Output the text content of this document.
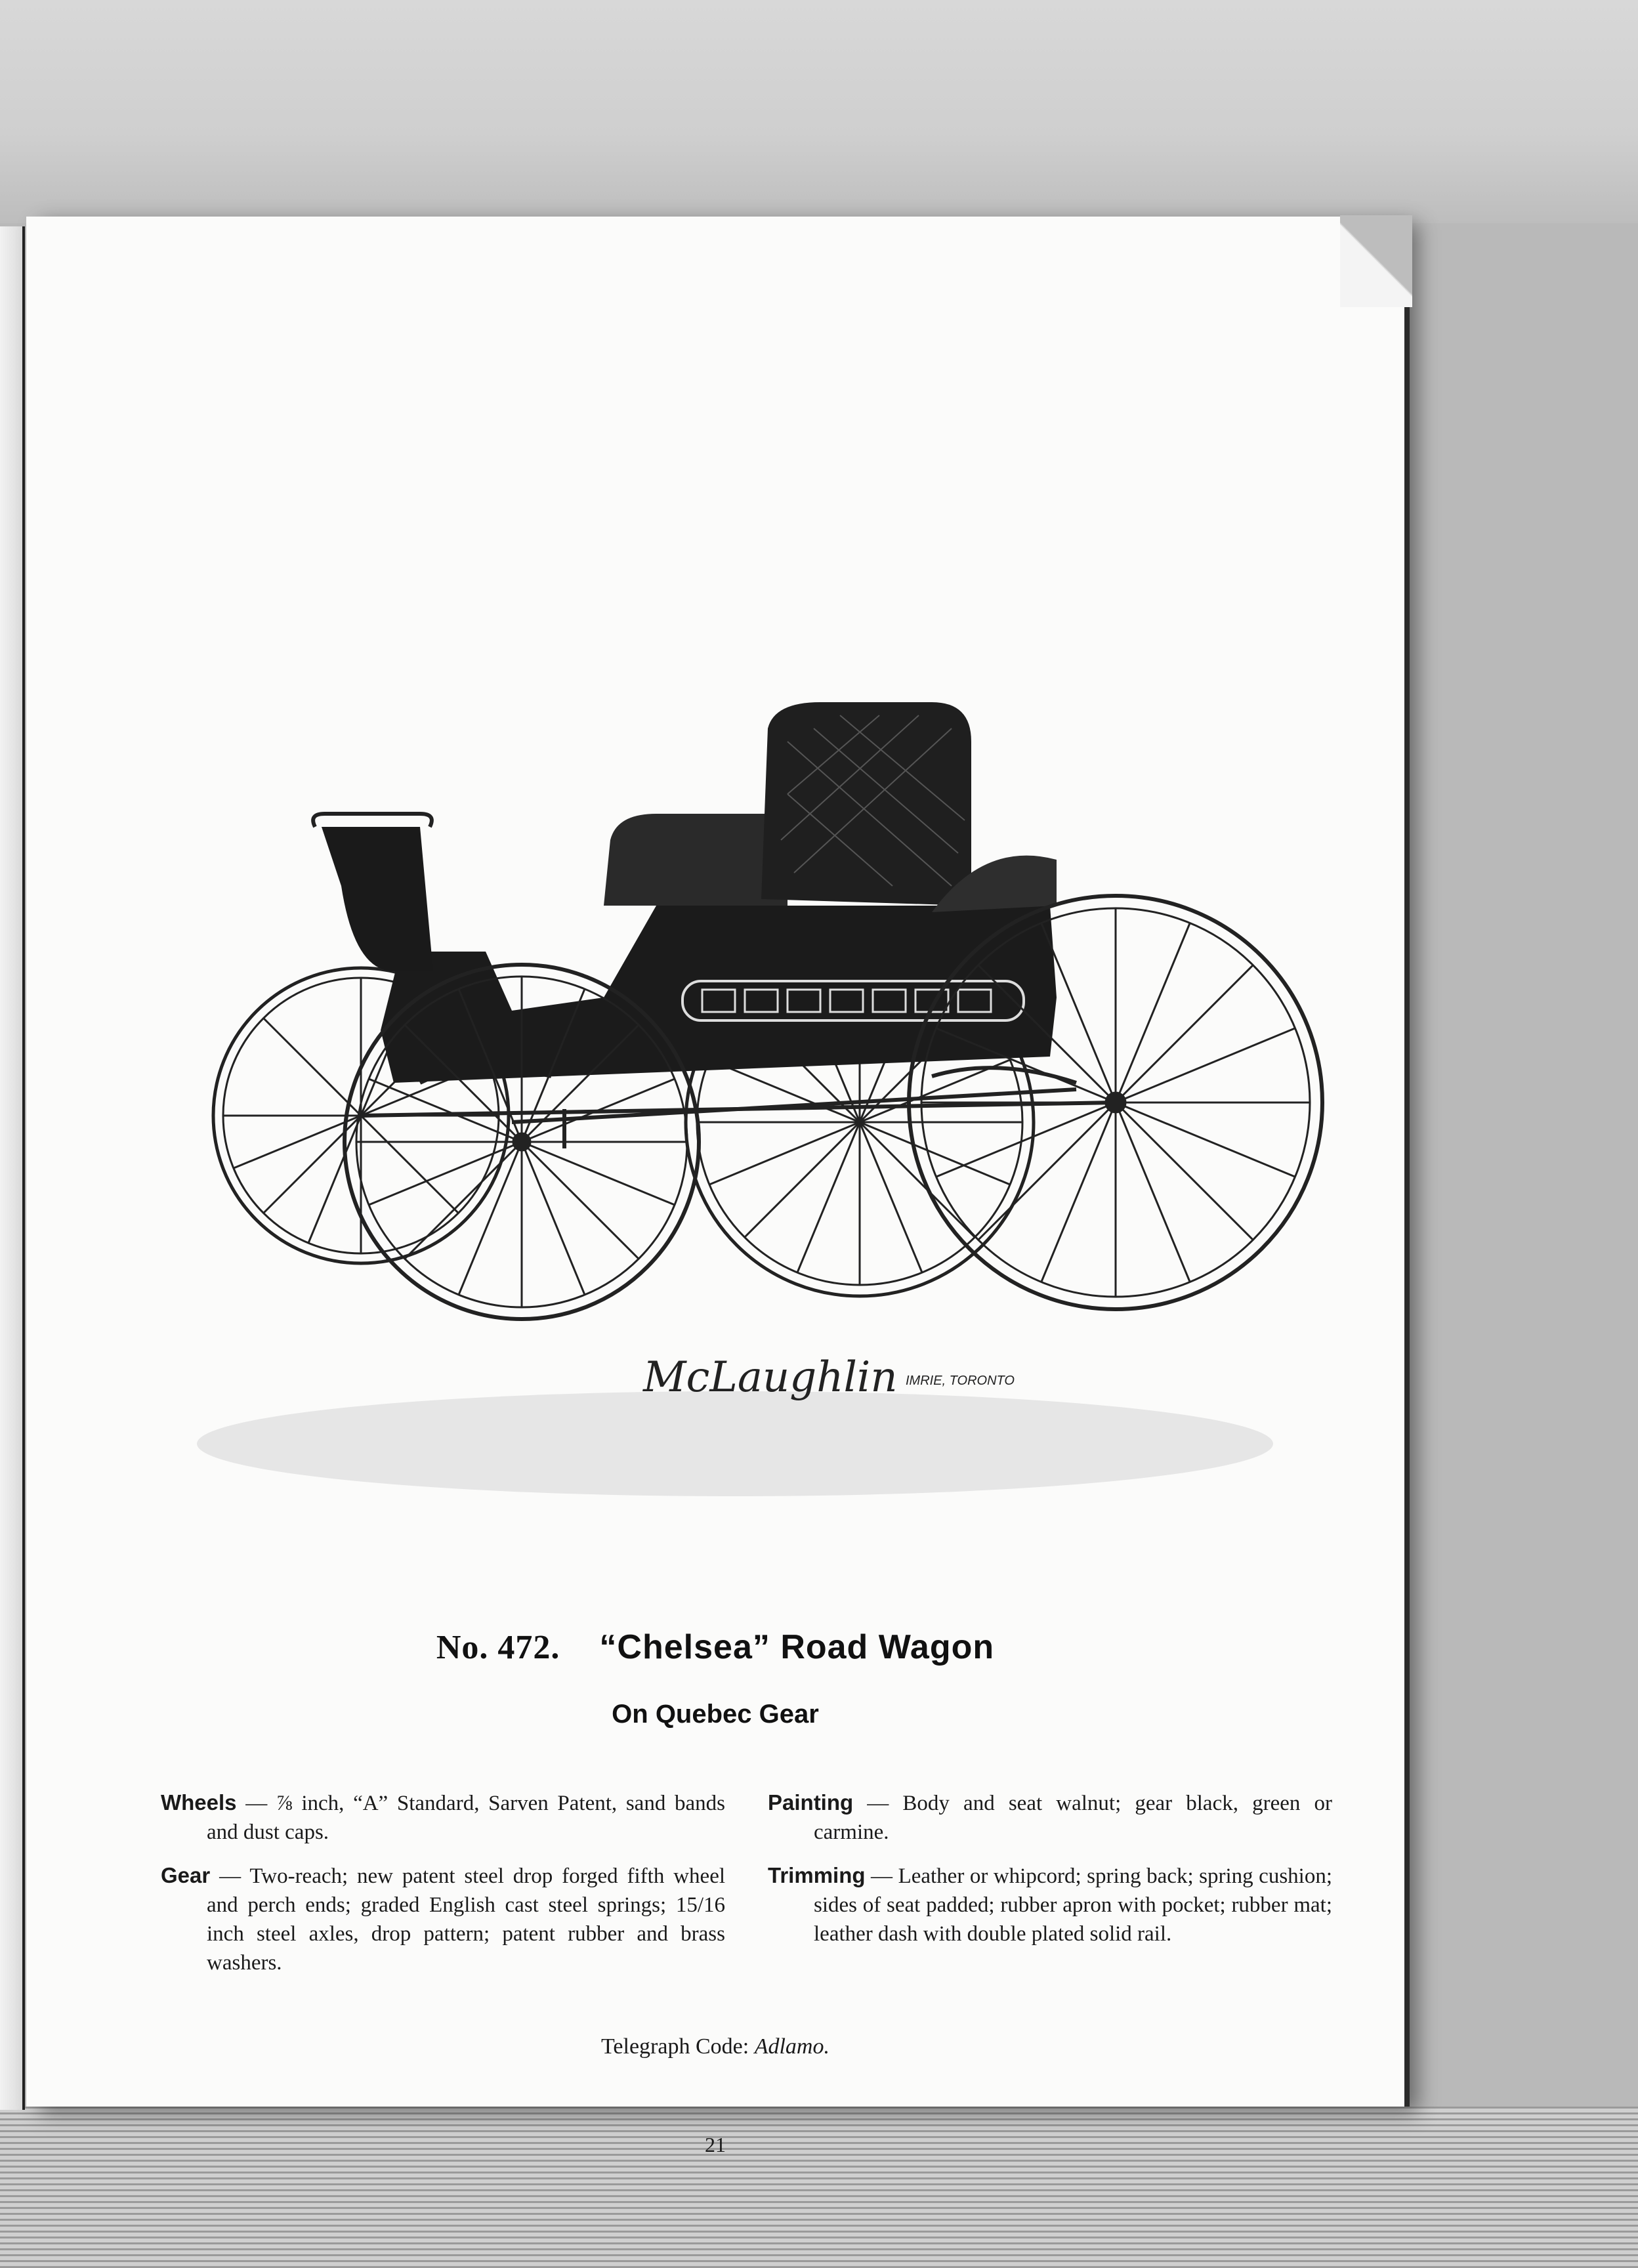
McLaughlin IMRIE, TORONTO
No. 472. “Chelsea” Road Wagon
On Quebec Gear

Wheels — ⅞ inch, “A” Standard, Sarven Patent, sand bands and dust caps.

Gear — Two-reach; new patent steel drop forged fifth wheel and perch ends; graded English cast steel springs; 15/16 inch steel axles, drop pattern; patent rubber and brass washers.

Painting — Body and seat walnut; gear black, green or carmine.

Trimming — Leather or whipcord; spring back; spring cushion; sides of seat padded; rubber apron with pocket; rubber mat; leather dash with double plated solid rail.

Telegraph Code: Adlamo.
21
